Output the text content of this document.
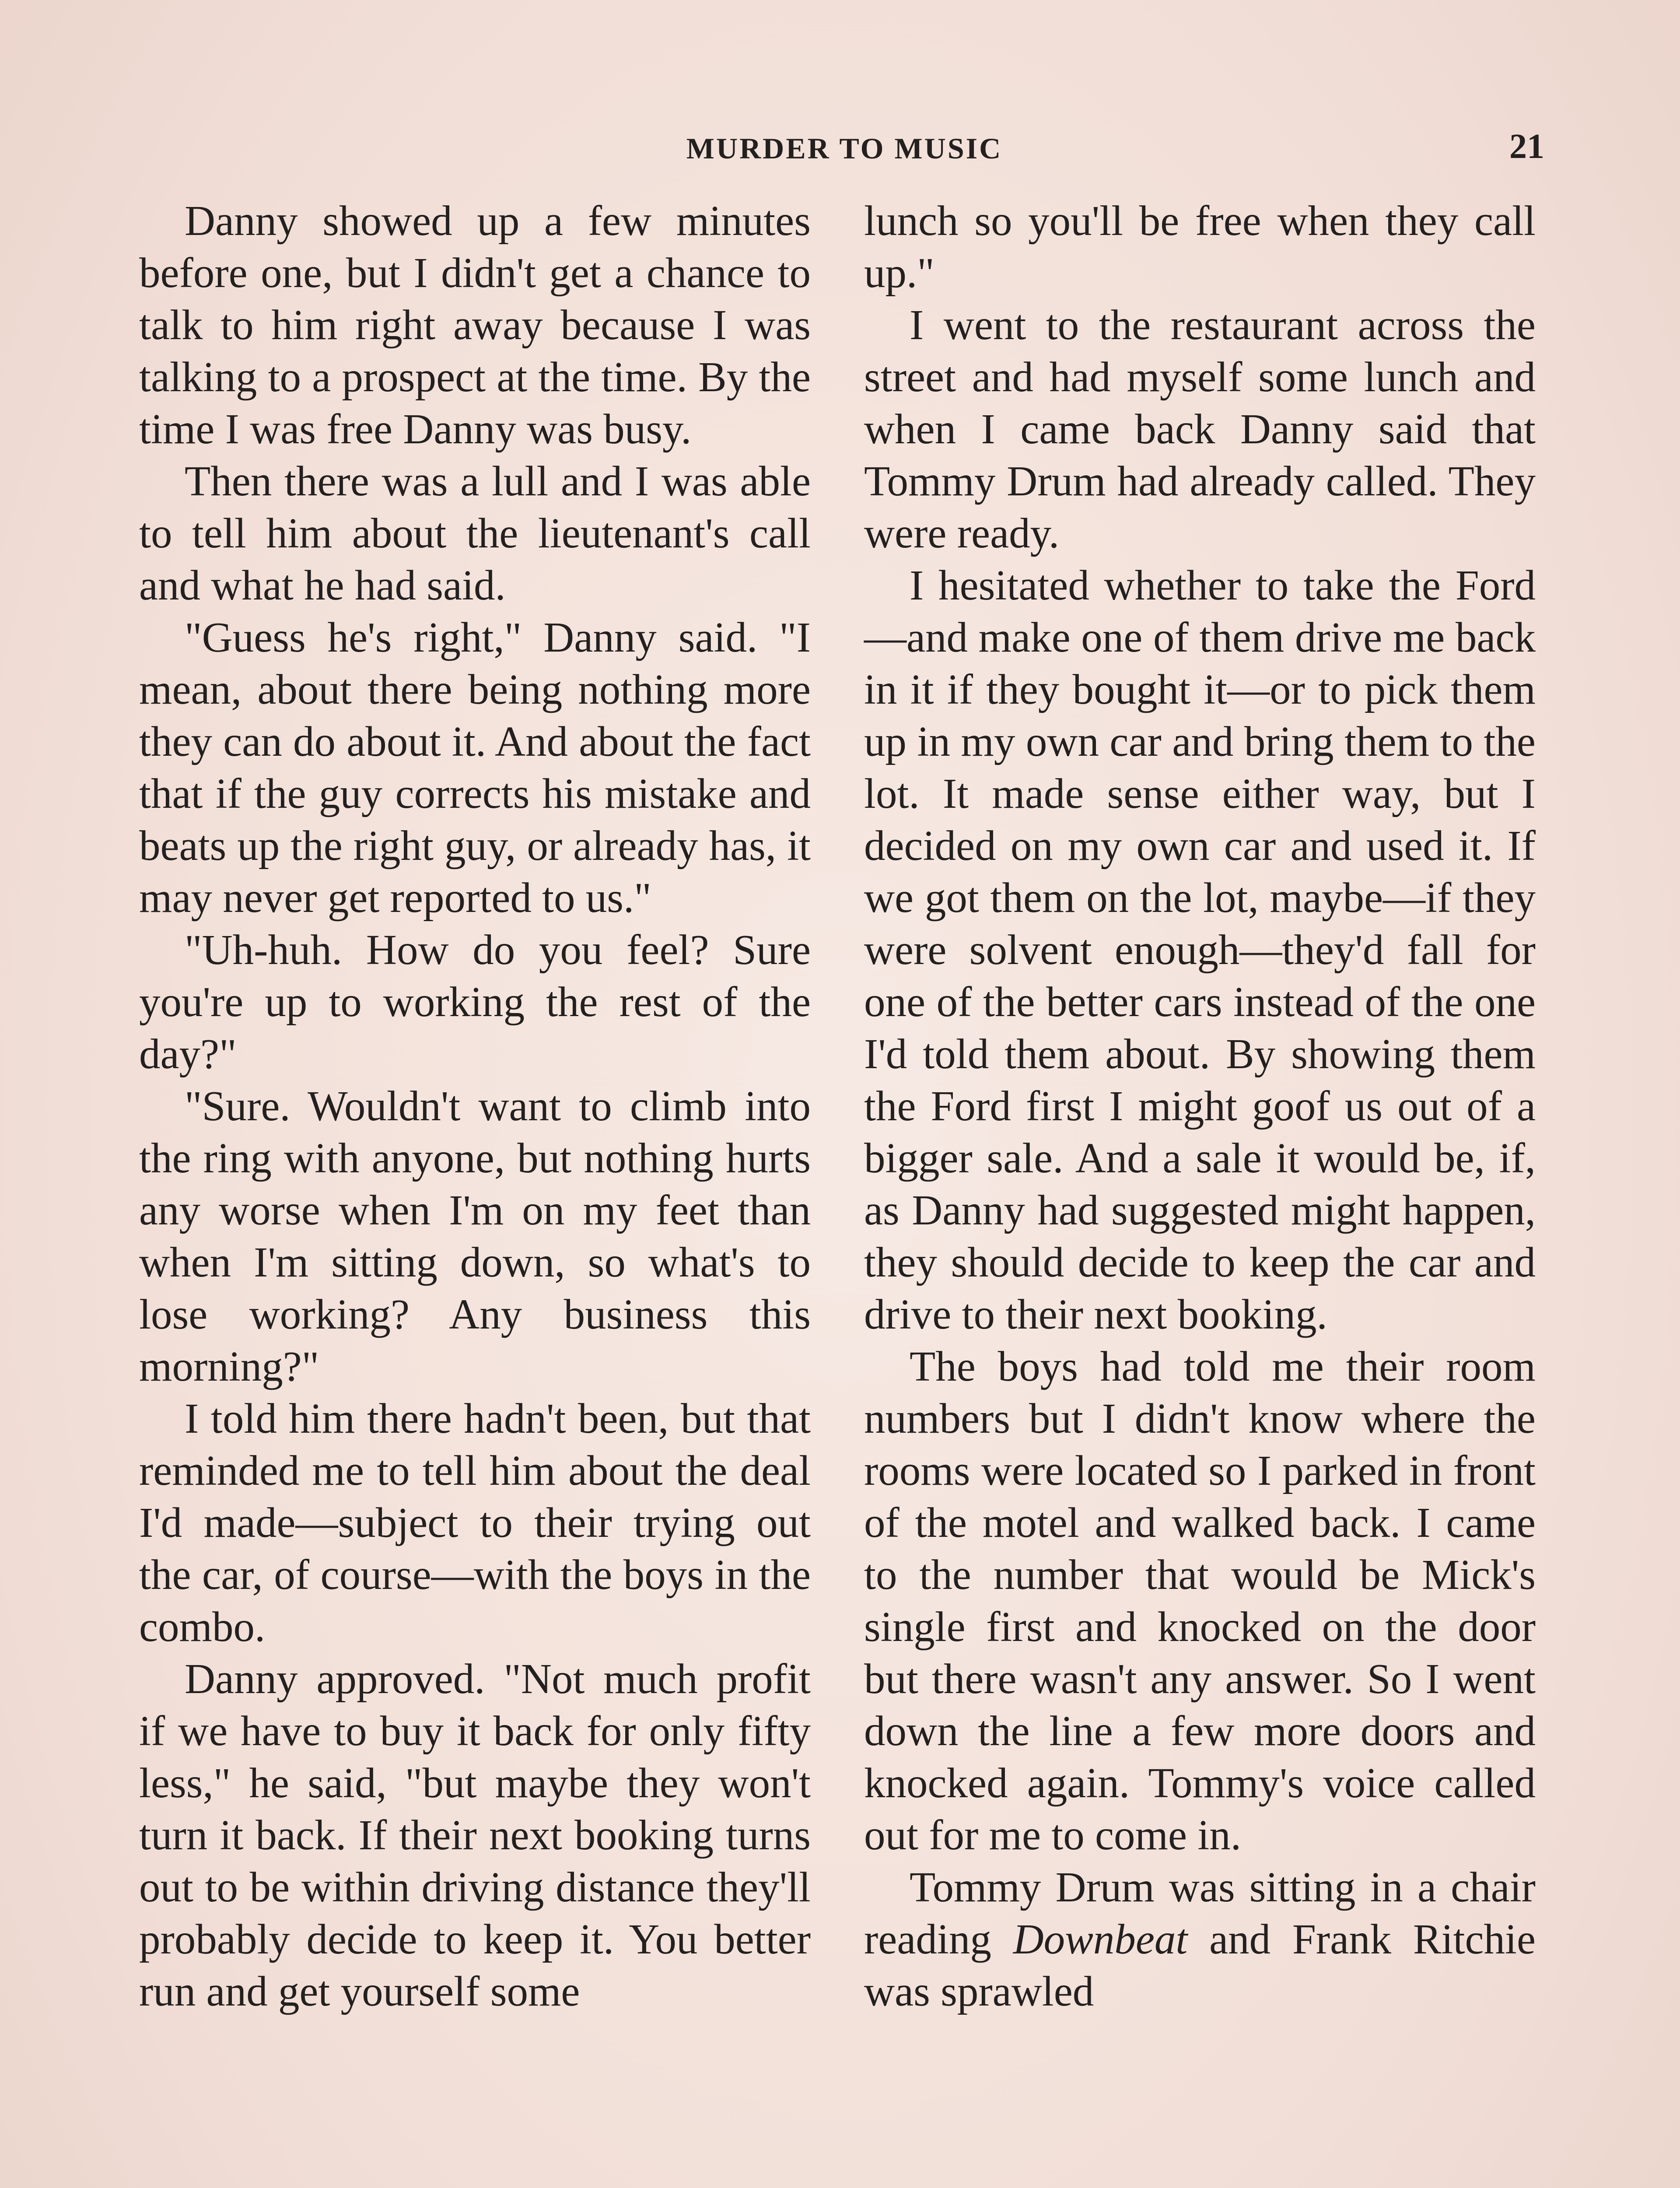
MURDER TO MUSIC	21

Danny showed up a few minutes before one, but I didn't get a chance to talk to him right away because I was talking to a prospect at the time. By the time I was free Danny was busy.

Then there was a lull and I was able to tell him about the lieutenant's call and what he had said.

"Guess he's right," Danny said. "I mean, about there being nothing more they can do about it. And about the fact that if the guy corrects his mistake and beats up the right guy, or already has, it may never get reported to us."

"Uh-huh. How do you feel? Sure you're up to working the rest of the day?"

"Sure. Wouldn't want to climb into the ring with anyone, but nothing hurts any worse when I'm on my feet than when I'm sitting down, so what's to lose working? Any business this morning?"

I told him there hadn't been, but that reminded me to tell him about the deal I'd made—subject to their trying out the car, of course—with the boys in the combo.

Danny approved. "Not much profit if we have to buy it back for only fifty less," he said, "but maybe they won't turn it back. If their next booking turns out to be within driving distance they'll probably decide to keep it. You better run and get yourself some

lunch so you'll be free when they call up."

I went to the restaurant across the street and had myself some lunch and when I came back Danny said that Tommy Drum had already called. They were ready.

I hesitated whether to take the Ford—and make one of them drive me back in it if they bought it—or to pick them up in my own car and bring them to the lot. It made sense either way, but I decided on my own car and used it. If we got them on the lot, maybe—if they were solvent enough—they'd fall for one of the better cars instead of the one I'd told them about. By showing them the Ford first I might goof us out of a bigger sale. And a sale it would be, if, as Danny had suggested might happen, they should decide to keep the car and drive to their next booking.

The boys had told me their room numbers but I didn't know where the rooms were located so I parked in front of the motel and walked back. I came to the number that would be Mick's single first and knocked on the door but there wasn't any answer. So I went down the line a few more doors and knocked again. Tommy's voice called out for me to come in.

Tommy Drum was sitting in a chair reading Downbeat and Frank Ritchie was sprawled
